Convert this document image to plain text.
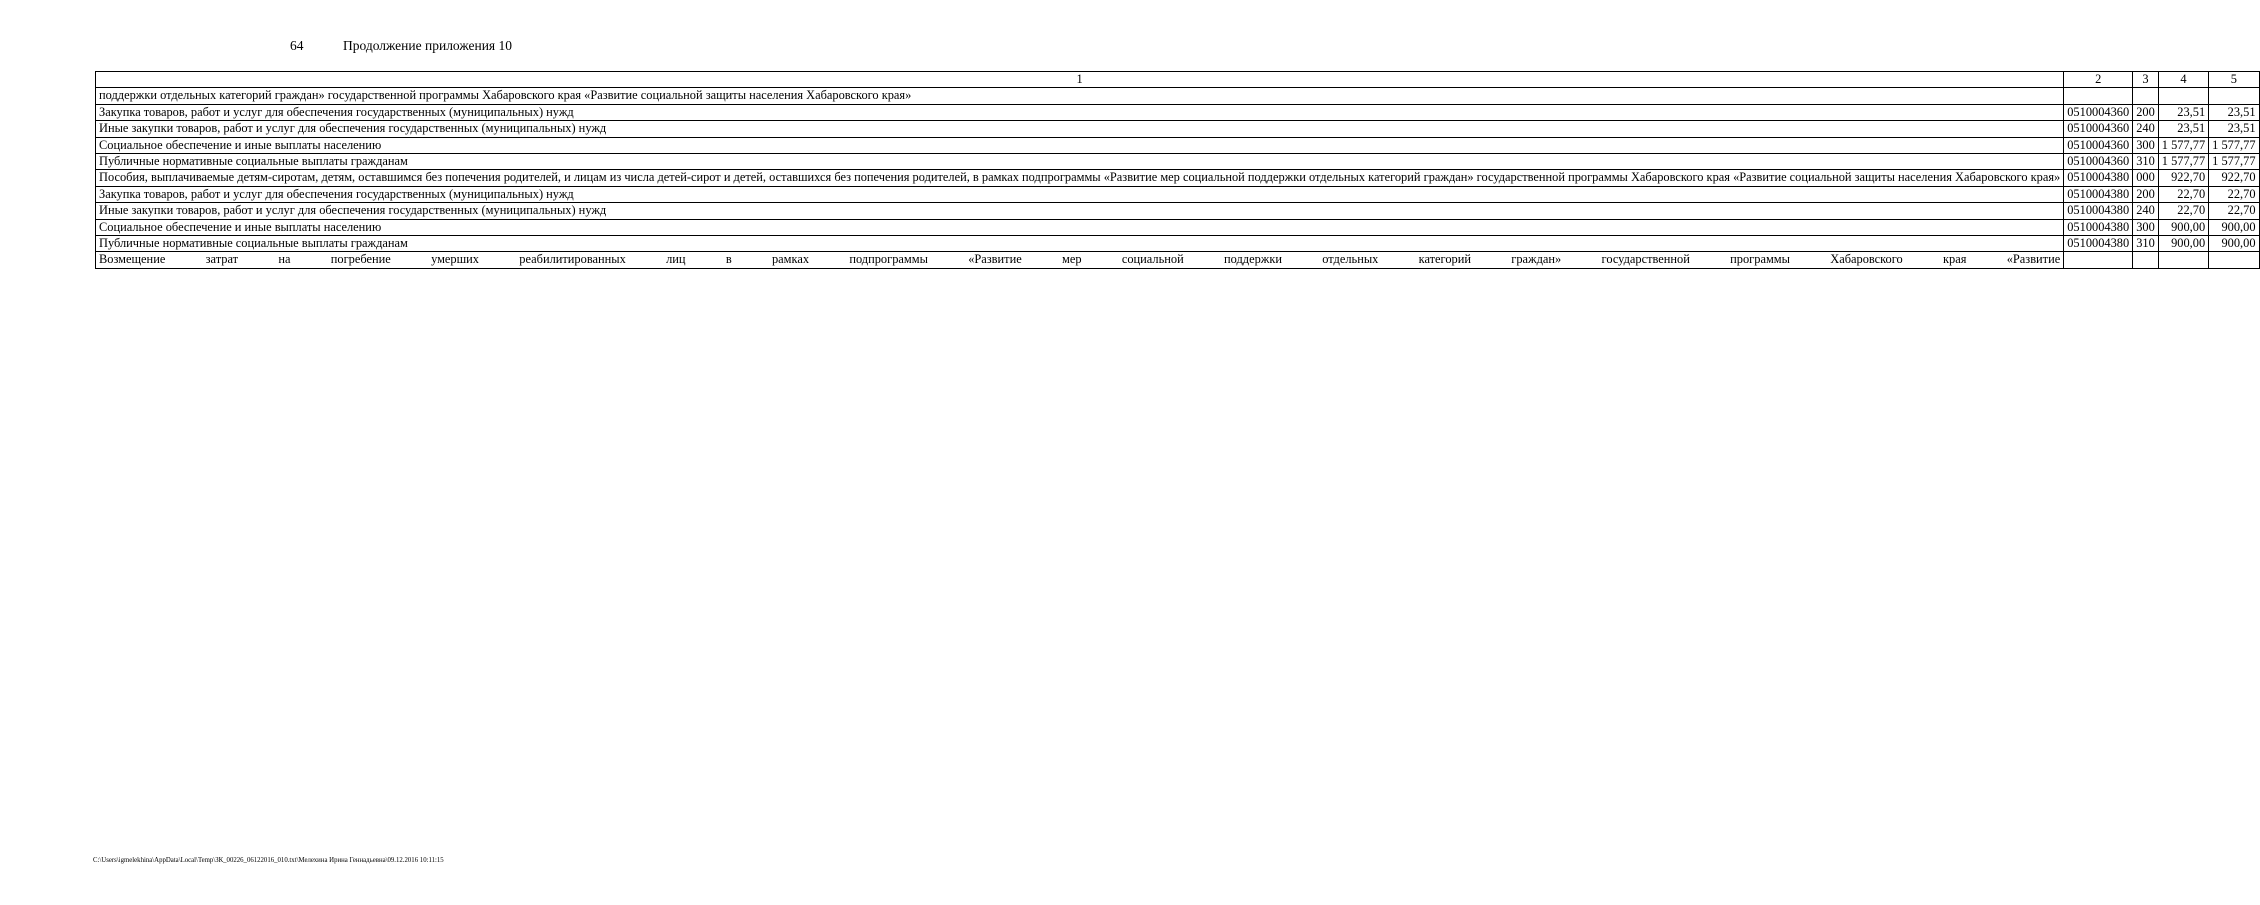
64	Продолжение приложения 10
1	2	3	4	5
поддержки отдельных категорий граждан» государственной программы Хабаровского края «Развитие социальной защиты населения Хабаровского края»				
Закупка товаров, работ и услуг для обеспечения государственных (муниципальных) нужд	0510004360	200	23,51	23,51
Иные закупки товаров, работ и услуг для обеспечения государственных (муниципальных) нужд	0510004360	240	23,51	23,51
Социальное обеспечение и иные выплаты населению	0510004360	300	1 577,77	1 577,77
Публичные нормативные социальные выплаты гражданам	0510004360	310	1 577,77	1 577,77
Пособия, выплачиваемые детям-сиротам, детям, оставшимся без попечения родителей, и лицам из числа детей-сирот и детей, оставшихся без попечения родителей, в рамках подпрограммы «Развитие мер социальной поддержки отдельных категорий граждан» государственной программы Хабаровского края «Развитие социальной защиты населения Хабаровского края»	0510004380	000	922,70	922,70
Закупка товаров, работ и услуг для обеспечения государственных (муниципальных) нужд	0510004380	200	22,70	22,70
Иные закупки товаров, работ и услуг для обеспечения государственных (муниципальных) нужд	0510004380	240	22,70	22,70
Социальное обеспечение и иные выплаты населению	0510004380	300	900,00	900,00
Публичные нормативные социальные выплаты гражданам	0510004380	310	900,00	900,00
Возмещение затрат на погребение умерших реабилитированных лиц в рамках подпрограммы «Развитие мер социальной поддержки отдельных категорий граждан» государственной программы Хабаровского края «Развитие				
C:\Users\igmelekhina\AppData\Local\Temp\ЗК_00226_06122016_010.txt\Мелехина Ирина Геннадьевна\09.12.2016 10:11:15
